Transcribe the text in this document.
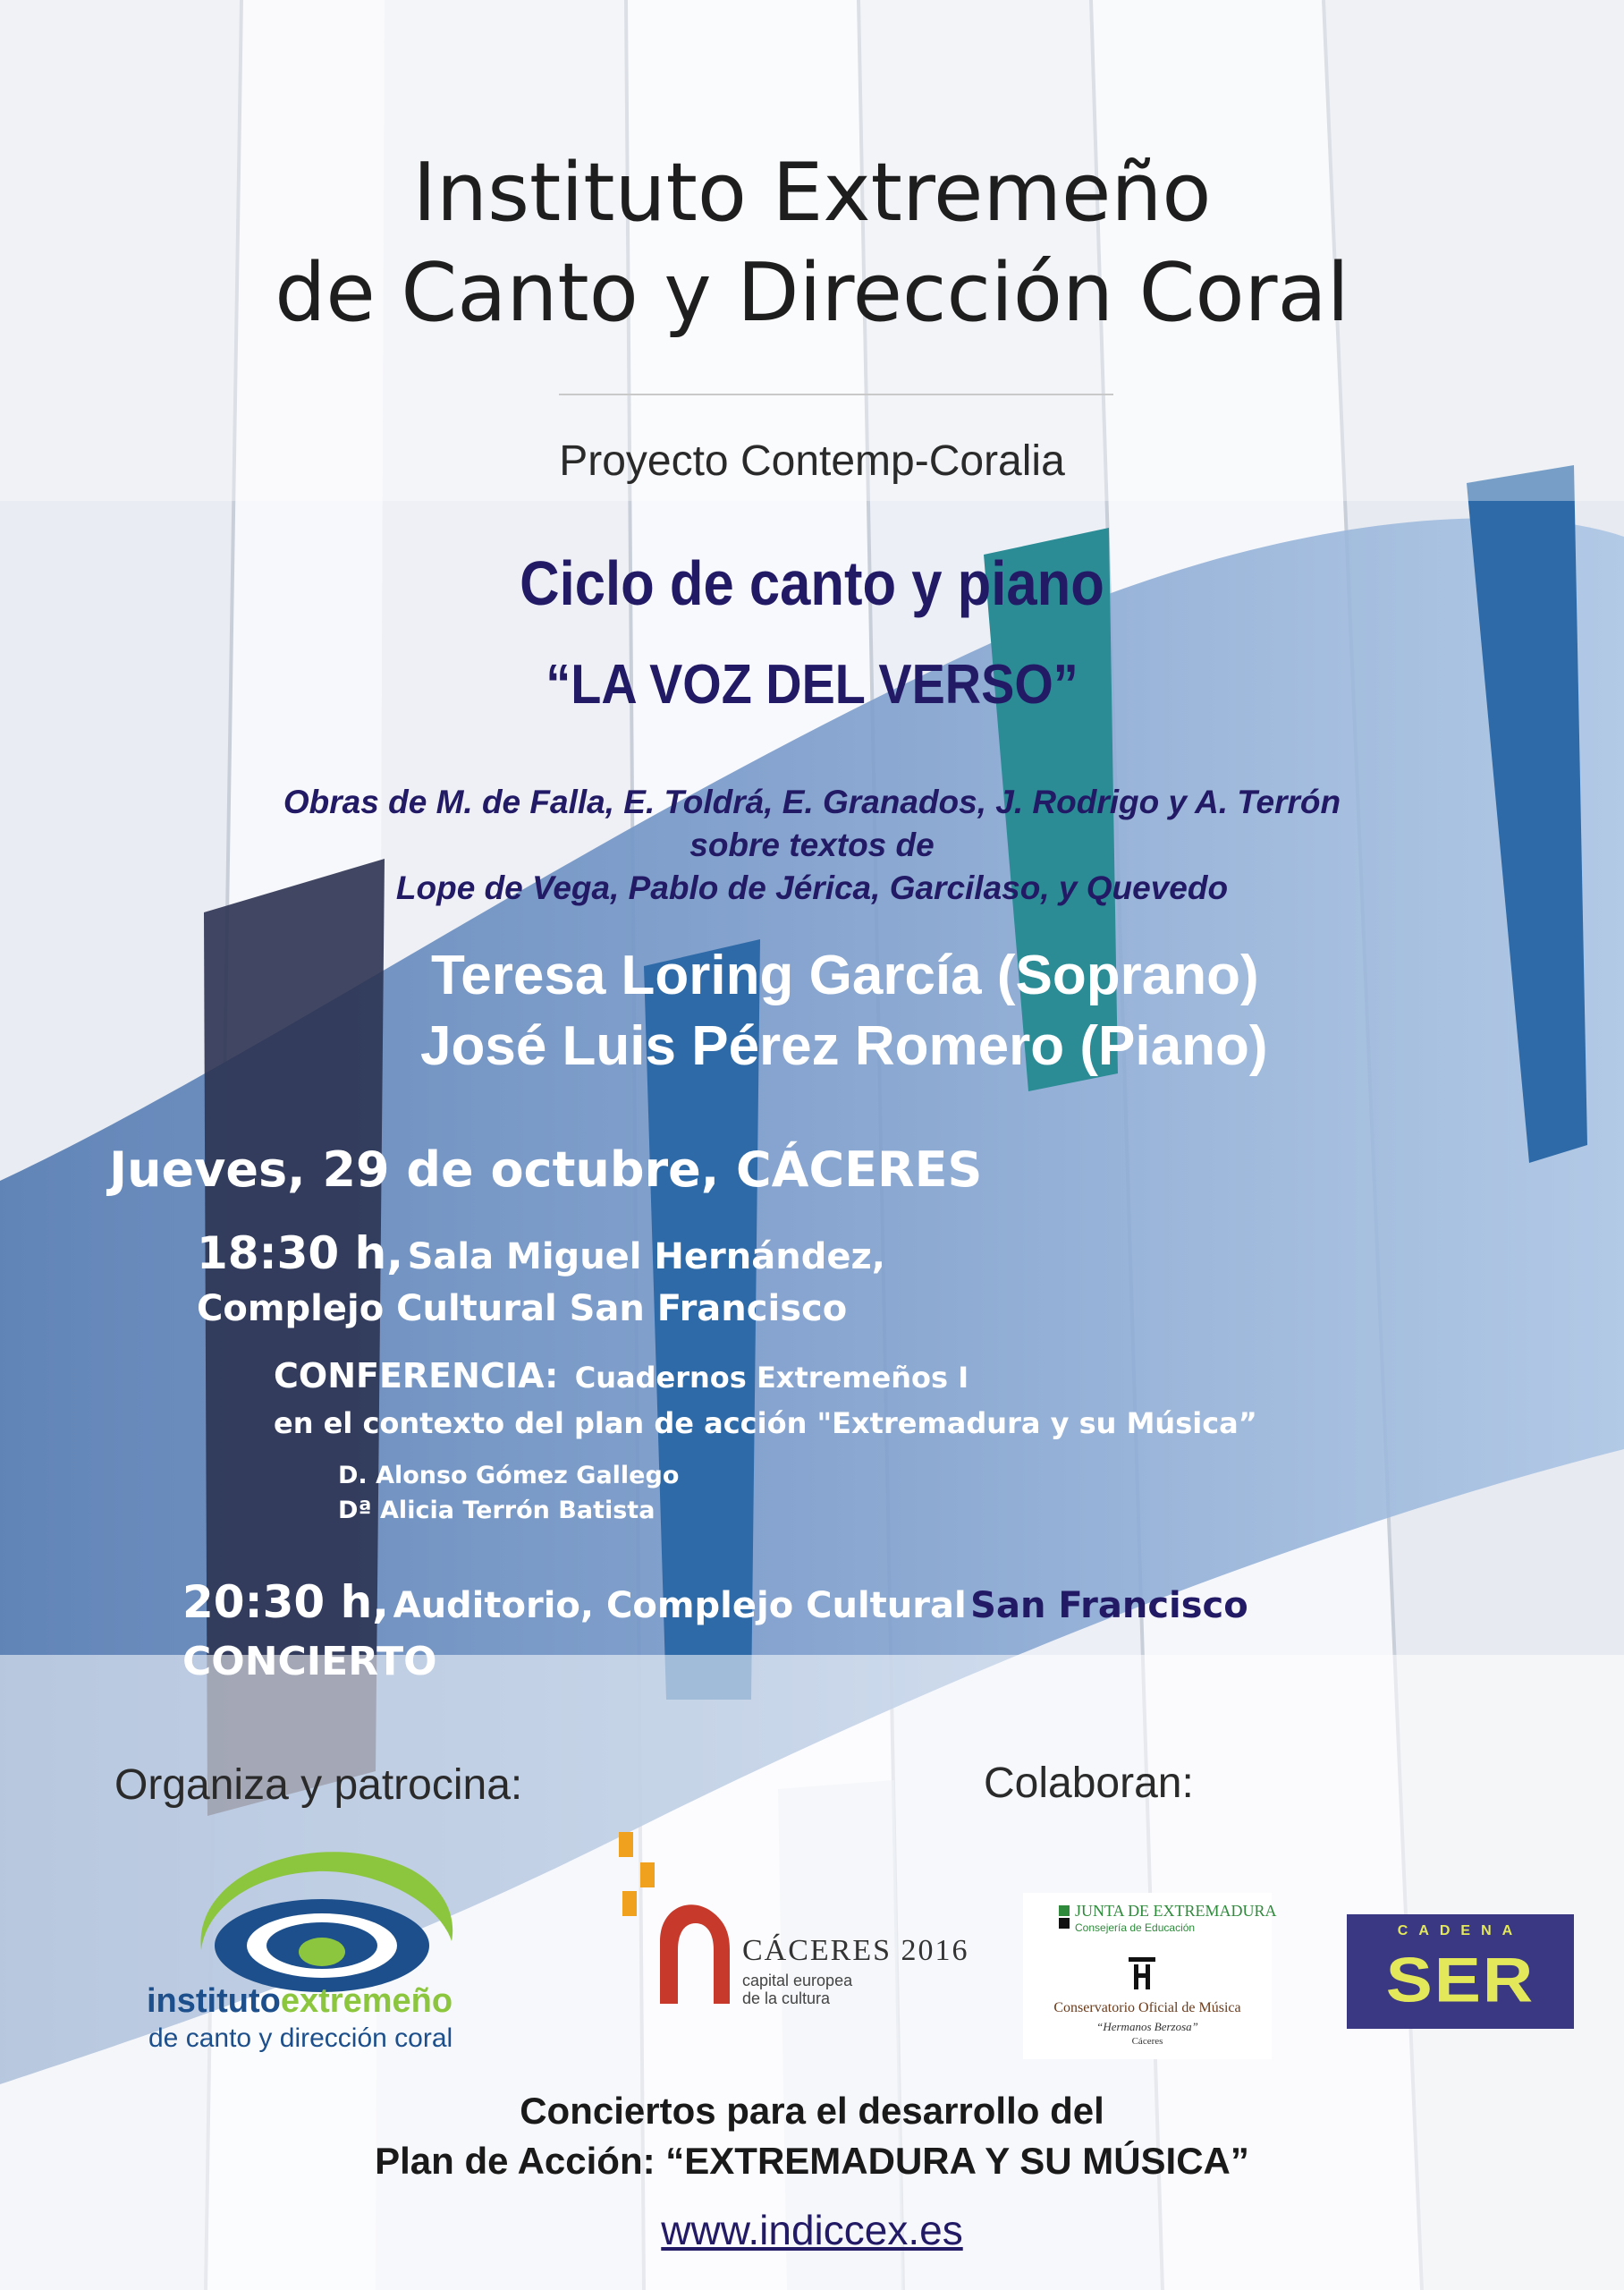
Instituto Extremeño
de Canto y Dirección Coral
Proyecto Contemp-Coralia
Ciclo de canto y piano
“LA VOZ DEL VERSO”
Obras de M. de Falla, E. Toldrá, E. Granados, J. Rodrigo y A. Terrón
sobre textos de
Lope de Vega, Pablo de Jérica, Garcilaso, y Quevedo
Teresa Loring García (Soprano)
José Luis Pérez Romero (Piano)
Jueves, 29 de octubre, CÁCERES
18:30 h, Sala Miguel Hernández,
Complejo Cultural San Francisco
CONFERENCIA: Cuadernos Extremeños I
en el contexto del plan de acción "Extremadura y su Música”
D. Alonso Gómez Gallego
Dª Alicia Terrón Batista
20:30 h, Auditorio, Complejo Cultural San Francisco
CONCIERTO
Organiza y patrocina:	Colaboran:
institutoextremeño
de canto y dirección coral
CÁCERES 2016
capital europea
de la cultura
JUNTA DE EXTREMADURA
Consejería de Educación
Conservatorio Oficial de Música
“Hermanos Berzosa”
Cáceres
CADENA
SER
Conciertos para el desarrollo del
Plan de Acción: “EXTREMADURA Y SU MÚSICA”
www.indiccex.es
